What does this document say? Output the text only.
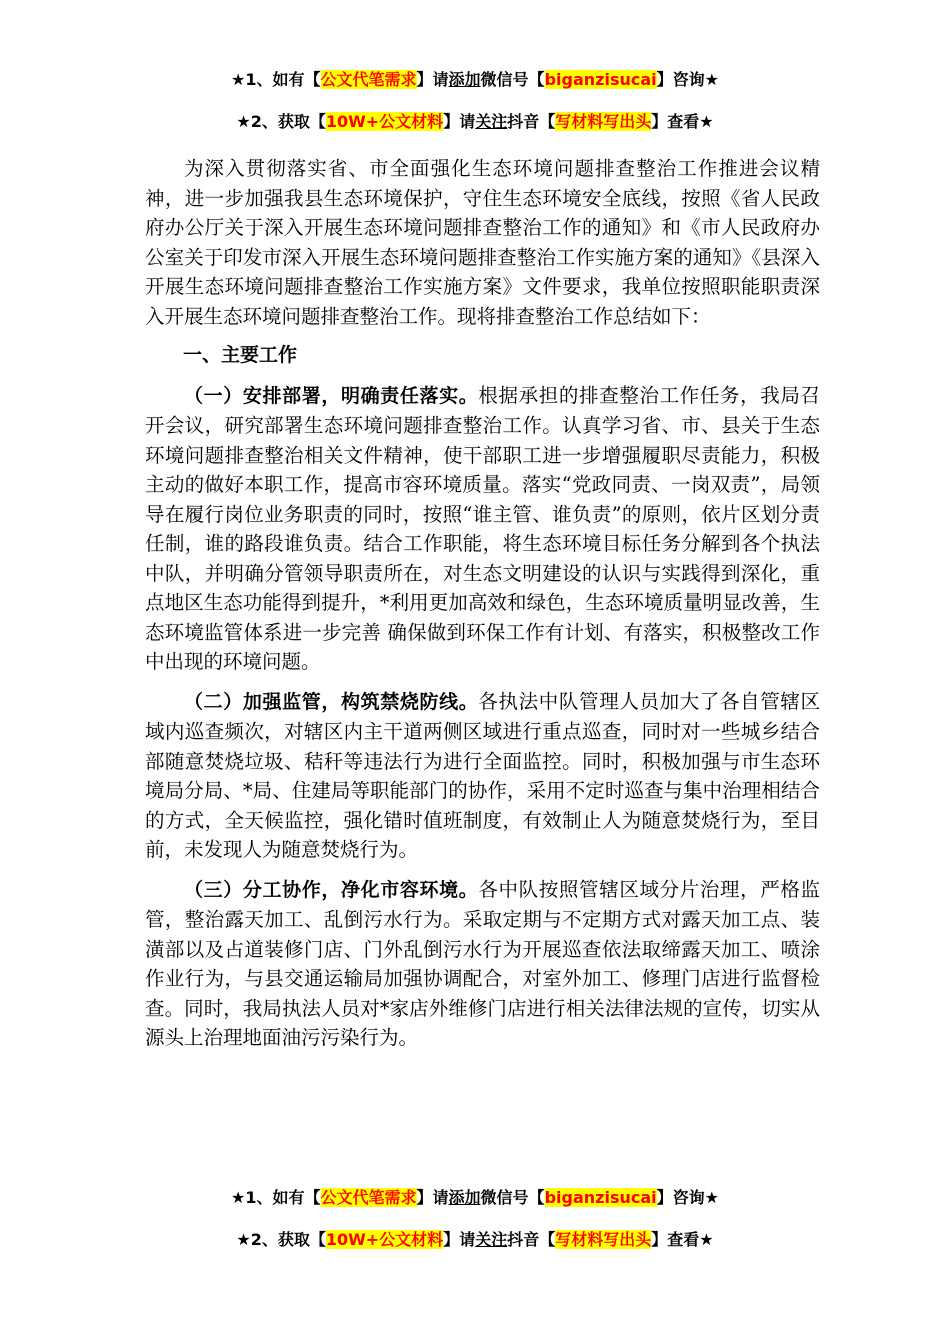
★1、如有【公文代笔需求】请添加微信号【biganzisucai】咨询★
★2、获取【10W+公文材料】请关注抖音【写材料写出头】查看★

为深入贯彻落实省、市全面强化生态环境问题排查整治工作推进会议精神，进一步加强我县生态环境保护，守住生态环境安全底线，按照《省人民政府办公厅关于深入开展生态环境问题排查整治工作的通知》和《市人民政府办公室关于印发市深入开展生态环境问题排查整治工作实施方案的通知》《县深入开展生态环境问题排查整治工作实施方案》文件要求，我单位按照职能职责深入开展生态环境问题排查整治工作。现将排查整治工作总结如下：

一、主要工作

（一）安排部署，明确责任落实。根据承担的排查整治工作任务，我局召开会议，研究部署生态环境问题排查整治工作。认真学习省、市、县关于生态环境问题排查整治相关文件精神，使干部职工进一步增强履职尽责能力，积极主动的做好本职工作，提高市容环境质量。落实“党政同责、一岗双责”，局领导在履行岗位业务职责的同时，按照“谁主管、谁负责”的原则，依片区划分责任制，谁的路段谁负责。结合工作职能，将生态环境目标任务分解到各个执法中队，并明确分管领导职责所在，对生态文明建设的认识与实践得到深化，重点地区生态功能得到提升，*利用更加高效和绿色，生态环境质量明显改善，生态环境监管体系进一步完善 确保做到环保工作有计划、有落实，积极整改工作中出现的环境问题。

（二）加强监管，构筑禁烧防线。各执法中队管理人员加大了各自管辖区域内巡查频次，对辖区内主干道两侧区域进行重点巡查，同时对一些城乡结合部随意焚烧垃圾、秸秆等违法行为进行全面监控。同时，积极加强与市生态环境局分局、*局、住建局等职能部门的协作，采用不定时巡查与集中治理相结合的方式，全天候监控，强化错时值班制度，有效制止人为随意焚烧行为，至目前，未发现人为随意焚烧行为。

（三）分工协作，净化市容环境。各中队按照管辖区域分片治理，严格监管，整治露天加工、乱倒污水行为。采取定期与不定期方式对露天加工点、装潢部以及占道装修门店、门外乱倒污水行为开展巡查依法取缔露天加工、喷涂作业行为，与县交通运输局加强协调配合，对室外加工、修理门店进行监督检查。同时，我局执法人员对*家店外维修门店进行相关法律法规的宣传，切实从源头上治理地面油污污染行为。

★1、如有【公文代笔需求】请添加微信号【biganzisucai】咨询★
★2、获取【10W+公文材料】请关注抖音【写材料写出头】查看★
